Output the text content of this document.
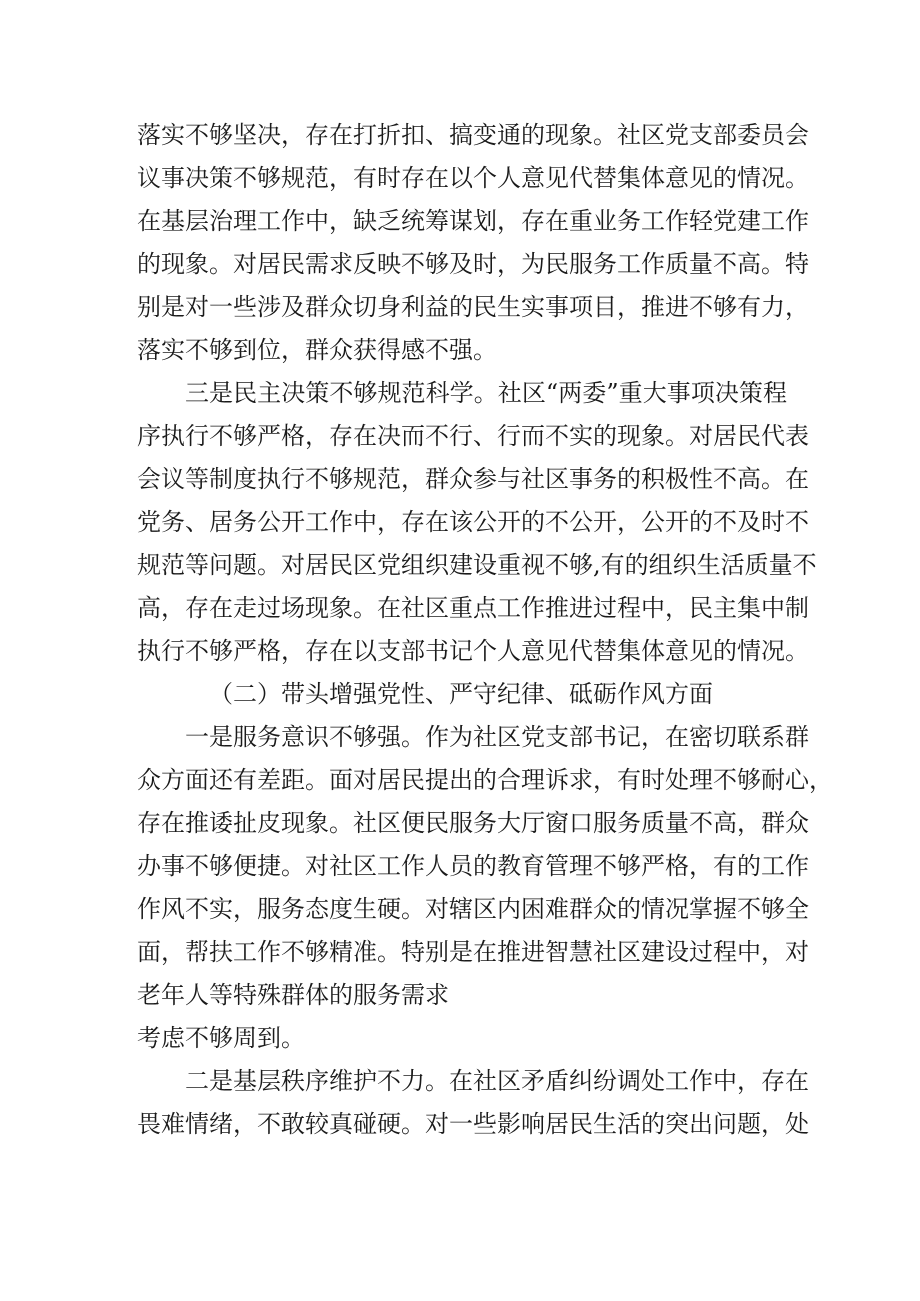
落实不够坚决，存在打折扣、搞变通的现象。社区党支部委员会
议事决策不够规范，有时存在以个人意见代替集体意见的情况。
在基层治理工作中，缺乏统筹谋划，存在重业务工作轻党建工作
的现象。对居民需求反映不够及时，为民服务工作质量不高。特
别是对一些涉及群众切身利益的民生实事项目，推进不够有力，
落实不够到位，群众获得感不强。
三是民主决策不够规范科学。社区“两委”重大事项决策程
序执行不够严格，存在决而不行、行而不实的现象。对居民代表
会议等制度执行不够规范，群众参与社区事务的积极性不高。在
党务、居务公开工作中，存在该公开的不公开，公开的不及时不
规范等问题。对居民区党组织建设重视不够,有的组织生活质量不
高，存在走过场现象。在社区重点工作推进过程中，民主集中制
执行不够严格，存在以支部书记个人意见代替集体意见的情况。
（二）带头增强党性、严守纪律、砥砺作风方面
一是服务意识不够强。作为社区党支部书记，在密切联系群
众方面还有差距。面对居民提出的合理诉求，有时处理不够耐心，
存在推诿扯皮现象。社区便民服务大厅窗口服务质量不高，群众
办事不够便捷。对社区工作人员的教育管理不够严格，有的工作
作风不实，服务态度生硬。对辖区内困难群众的情况掌握不够全
面，帮扶工作不够精准。特别是在推进智慧社区建设过程中，对
老年人等特殊群体的服务需求
考虑不够周到。
二是基层秩序维护不力。在社区矛盾纠纷调处工作中，存在
畏难情绪，不敢较真碰硬。对一些影响居民生活的突出问题，处
